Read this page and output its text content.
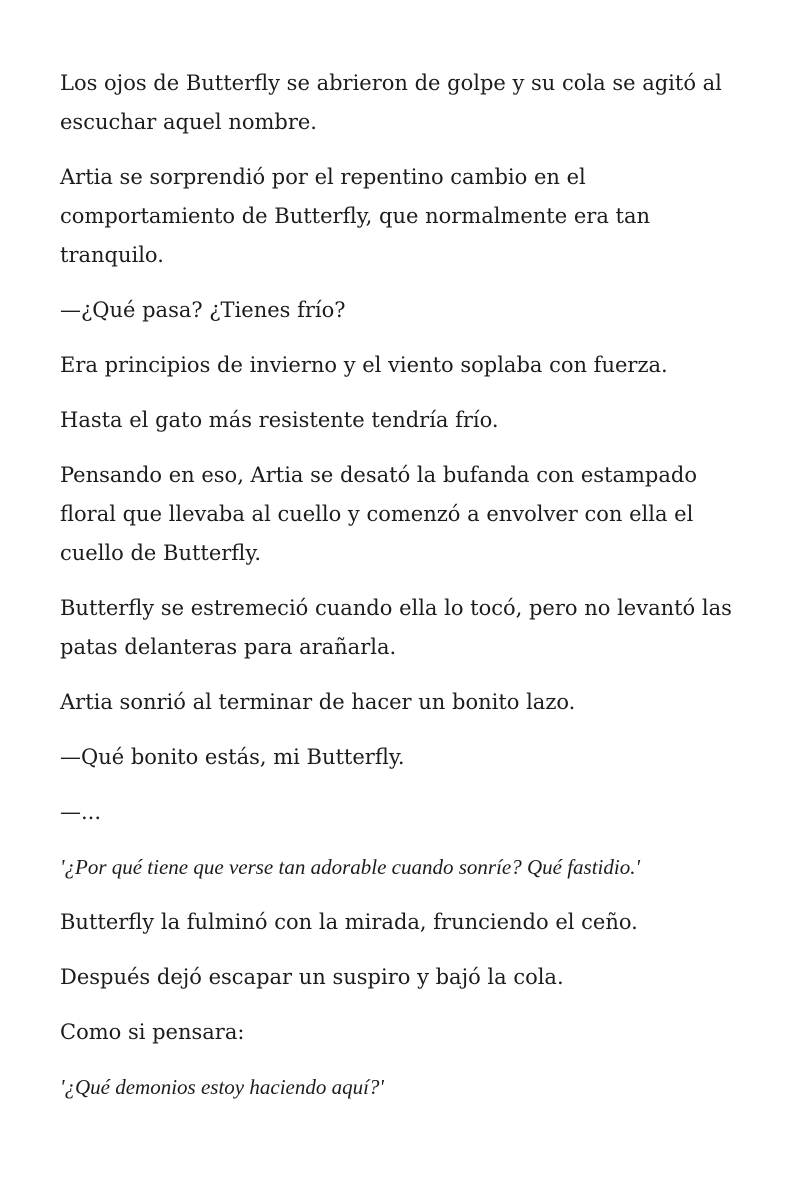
Los ojos de Butterfly se abrieron de golpe y su cola se agitó al escuchar aquel nombre.

Artia se sorprendió por el repentino cambio en el comportamiento de Butterfly, que normalmente era tan tranquilo.

—¿Qué pasa? ¿Tienes frío?

Era principios de invierno y el viento soplaba con fuerza.

Hasta el gato más resistente tendría frío.

Pensando en eso, Artia se desató la bufanda con estampado floral que llevaba al cuello y comenzó a envolver con ella el cuello de Butterfly.

Butterfly se estremeció cuando ella lo tocó, pero no levantó las patas delanteras para arañarla.

Artia sonrió al terminar de hacer un bonito lazo.

—Qué bonito estás, mi Butterfly.

—...

'¿Por qué tiene que verse tan adorable cuando sonríe? Qué fastidio.'

Butterfly la fulminó con la mirada, frunciendo el ceño.

Después dejó escapar un suspiro y bajó la cola.

Como si pensara:

'¿Qué demonios estoy haciendo aquí?'
